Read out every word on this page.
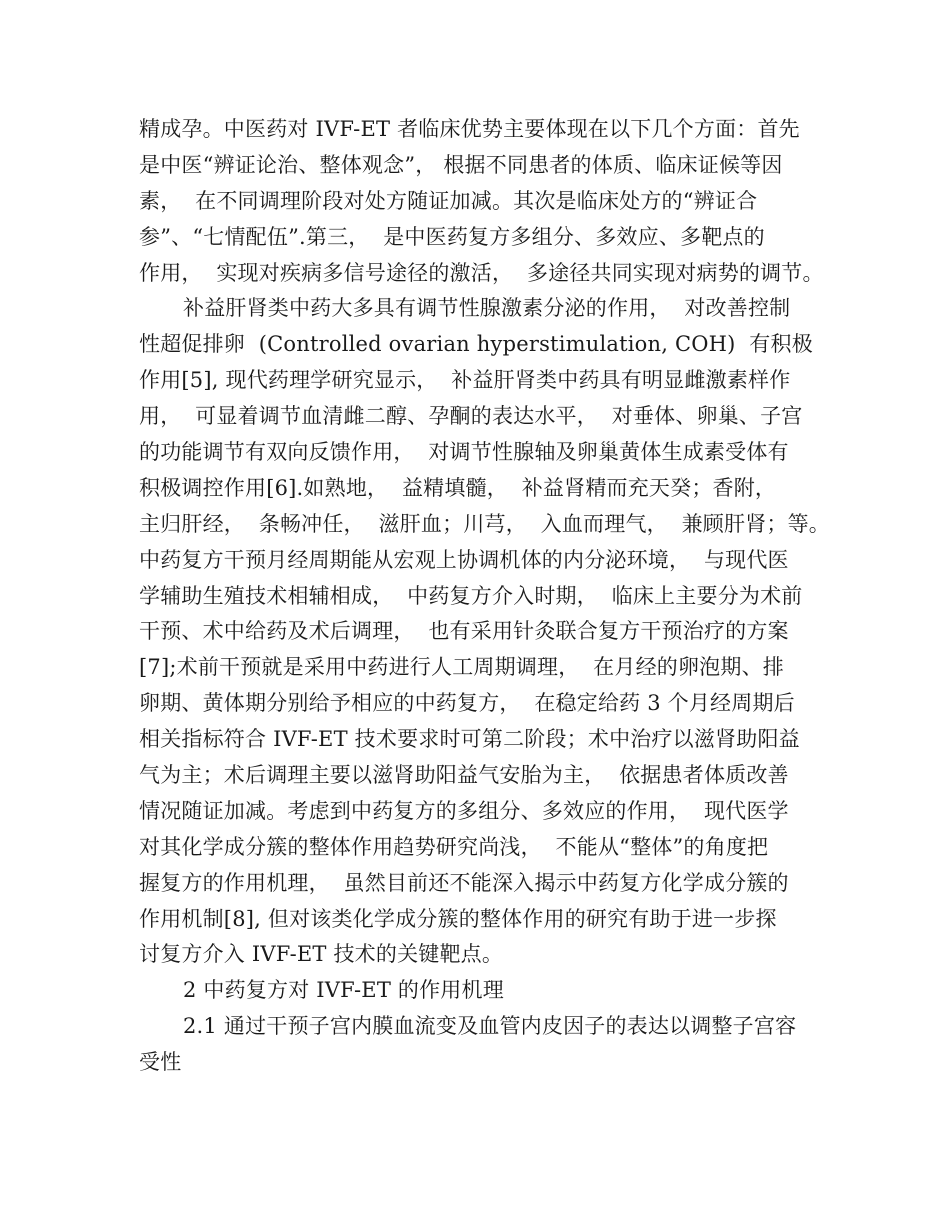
精成孕。中医药对 IVF-ET 者临床优势主要体现在以下几个方面：首先
是中医“辨证论治、整体观念”， 根据不同患者的体质、临床证候等因
素，  在不同调理阶段对处方随证加减。其次是临床处方的“辨证合
参”、“七情配伍”.第三，  是中医药复方多组分、多效应、多靶点的
作用，  实现对疾病多信号途径的激活，  多途径共同实现对病势的调节。
补益肝肾类中药大多具有调节性腺激素分泌的作用，  对改善控制
性超促排卵  (Controlled ovarian hyperstimulation, COH)  有积极
作用[5], 现代药理学研究显示，  补益肝肾类中药具有明显雌激素样作
用，  可显着调节血清雌二醇、孕酮的表达水平，  对垂体、卵巢、子宫
的功能调节有双向反馈作用，  对调节性腺轴及卵巢黄体生成素受体有
积极调控作用[6].如熟地，  益精填髓，  补益肾精而充天癸；香附，
主归肝经，  条畅冲任，  滋肝血；川芎，  入血而理气，  兼顾肝肾；等。
中药复方干预月经周期能从宏观上协调机体的内分泌环境，  与现代医
学辅助生殖技术相辅相成，  中药复方介入时期，  临床上主要分为术前
干预、术中给药及术后调理，  也有采用针灸联合复方干预治疗的方案
[7];术前干预就是采用中药进行人工周期调理，  在月经的卵泡期、排
卵期、黄体期分别给予相应的中药复方，  在稳定给药 3 个月经周期后
相关指标符合 IVF-ET 技术要求时可第二阶段；术中治疗以滋肾助阳益
气为主；术后调理主要以滋肾助阳益气安胎为主，  依据患者体质改善
情况随证加减。考虑到中药复方的多组分、多效应的作用，  现代医学
对其化学成分簇的整体作用趋势研究尚浅，  不能从“整体”的角度把
握复方的作用机理，  虽然目前还不能深入揭示中药复方化学成分簇的
作用机制[8], 但对该类化学成分簇的整体作用的研究有助于进一步探
讨复方介入 IVF-ET 技术的关键靶点。
2 中药复方对 IVF-ET 的作用机理
2.1 通过干预子宫内膜血流变及血管内皮因子的表达以调整子宫容
受性
